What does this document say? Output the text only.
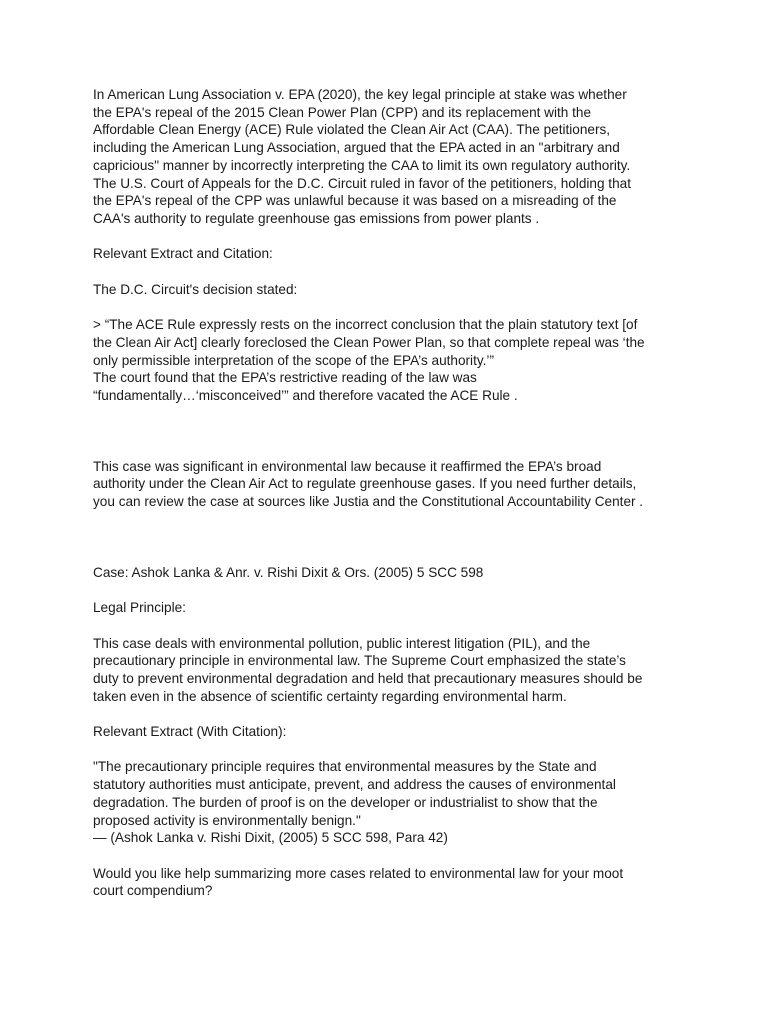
In American Lung Association v. EPA (2020), the key legal principle at stake was whether
the EPA's repeal of the 2015 Clean Power Plan (CPP) and its replacement with the
Affordable Clean Energy (ACE) Rule violated the Clean Air Act (CAA). The petitioners,
including the American Lung Association, argued that the EPA acted in an "arbitrary and
capricious" manner by incorrectly interpreting the CAA to limit its own regulatory authority.
The U.S. Court of Appeals for the D.C. Circuit ruled in favor of the petitioners, holding that
the EPA's repeal of the CPP was unlawful because it was based on a misreading of the
CAA's authority to regulate greenhouse gas emissions from power plants .

Relevant Extract and Citation:

The D.C. Circuit's decision stated:

> “The ACE Rule expressly rests on the incorrect conclusion that the plain statutory text [of
the Clean Air Act] clearly foreclosed the Clean Power Plan, so that complete repeal was ‘the
only permissible interpretation of the scope of the EPA’s authority.’”
The court found that the EPA’s restrictive reading of the law was
“fundamentally…‘misconceived’” and therefore vacated the ACE Rule .

This case was significant in environmental law because it reaffirmed the EPA’s broad
authority under the Clean Air Act to regulate greenhouse gases. If you need further details,
you can review the case at sources like Justia and the Constitutional Accountability Center .

Case: Ashok Lanka & Anr. v. Rishi Dixit & Ors. (2005) 5 SCC 598

Legal Principle:

This case deals with environmental pollution, public interest litigation (PIL), and the
precautionary principle in environmental law. The Supreme Court emphasized the state’s
duty to prevent environmental degradation and held that precautionary measures should be
taken even in the absence of scientific certainty regarding environmental harm.

Relevant Extract (With Citation):

"The precautionary principle requires that environmental measures by the State and
statutory authorities must anticipate, prevent, and address the causes of environmental
degradation. The burden of proof is on the developer or industrialist to show that the
proposed activity is environmentally benign."
— (Ashok Lanka v. Rishi Dixit, (2005) 5 SCC 598, Para 42)

Would you like help summarizing more cases related to environmental law for your moot
court compendium?
